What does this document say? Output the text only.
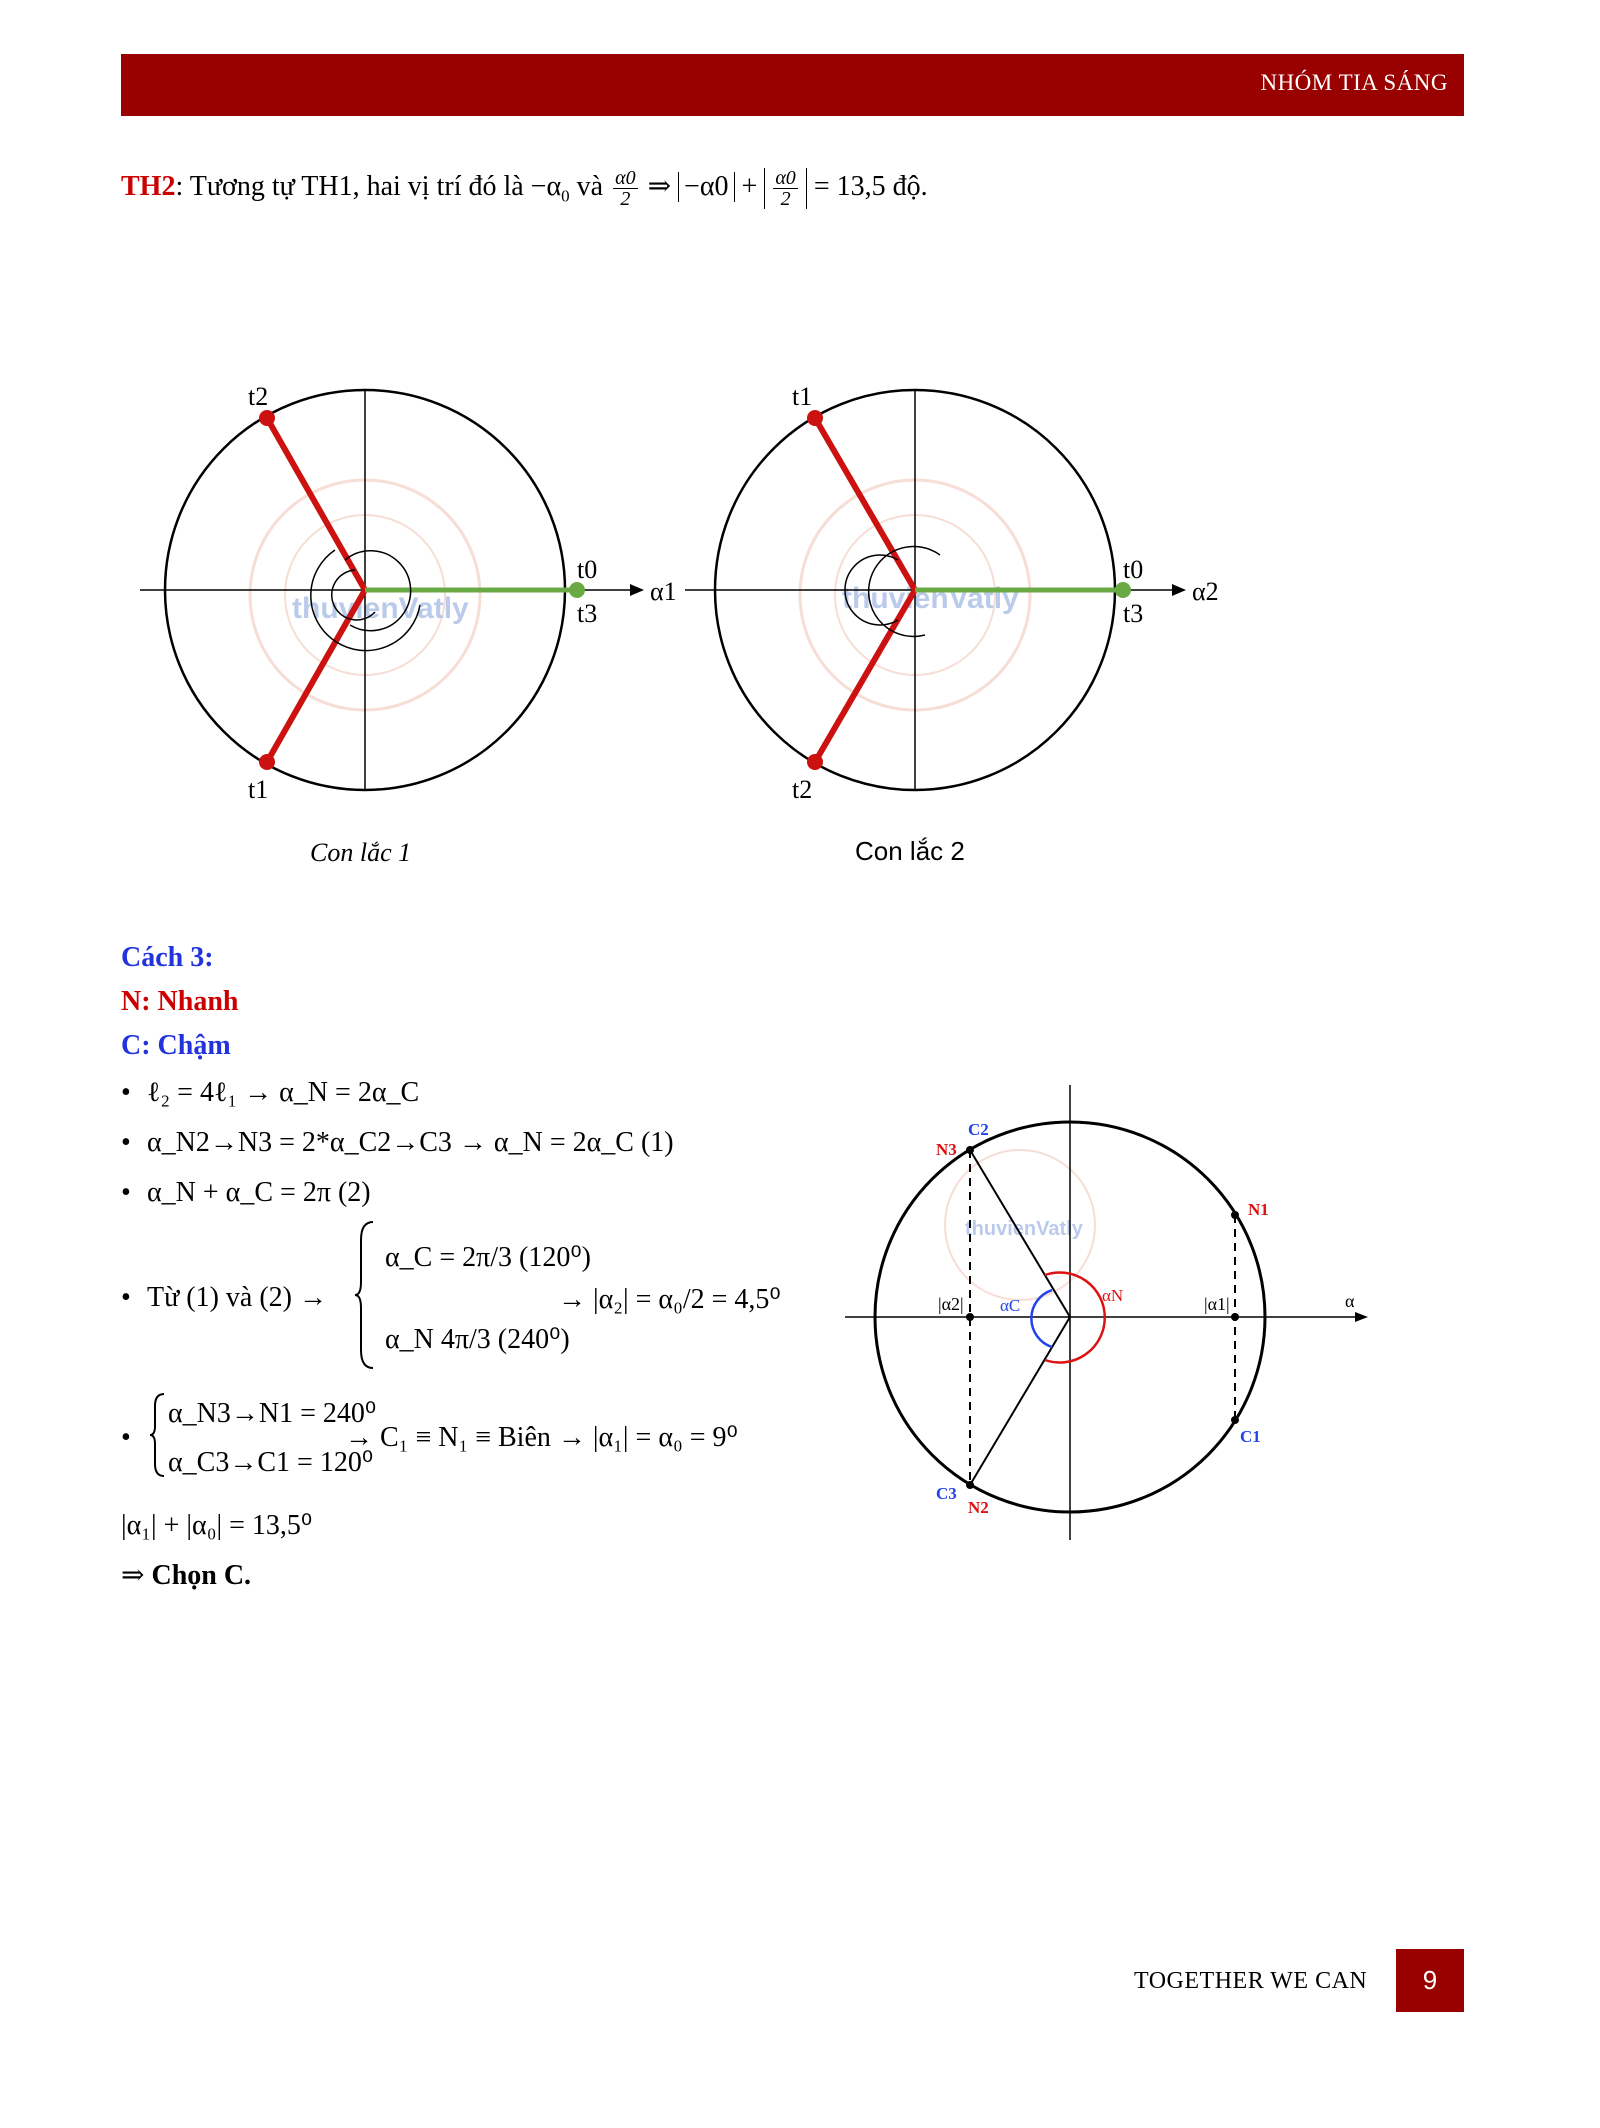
NHÓM TIA SÁNG
TH2: Tương tự TH1, hai vị trí đó là $-\alpha_0$ và $\frac{\alpha 0}{2}$ ⇒ $-\alpha 0 + \frac{\alpha 0}{2} = 13,5$ độ.
thuvienVatly
t2
t1
t0
t3
α1
Con lắc 1
thuvienVatly
t1
t2
t0
t3
α2
Con lắc 2
Cách 3:
N: Nhanh
C: Chậm
• ℓ₂ = 4ℓ₁ → α_N = 2α_C
• α_N2→N3 = 2*α_C2→C3 → α_N = 2α_C (1)
• α_N + α_C = 2π (2)
• Từ (1) và (2) →
α_C = 2π/3 (120⁰)
α_N 4π/3 (240⁰)
→ |α₂| = α₀/2 = 4,5⁰
•
α_N3→N1 = 240⁰
α_C3→C1 = 120⁰
→ C₁ ≡ N₁ ≡ Biên → |α₁| = α₀ = 9⁰
|α₁| + |α₀| = 13,5⁰
⇒ Chọn C.
thuvienVatly
C2
N3
N1
C1
C3
N2
|α2|	|α1|
αN
αC	α
TOGETHER WE CAN	9
